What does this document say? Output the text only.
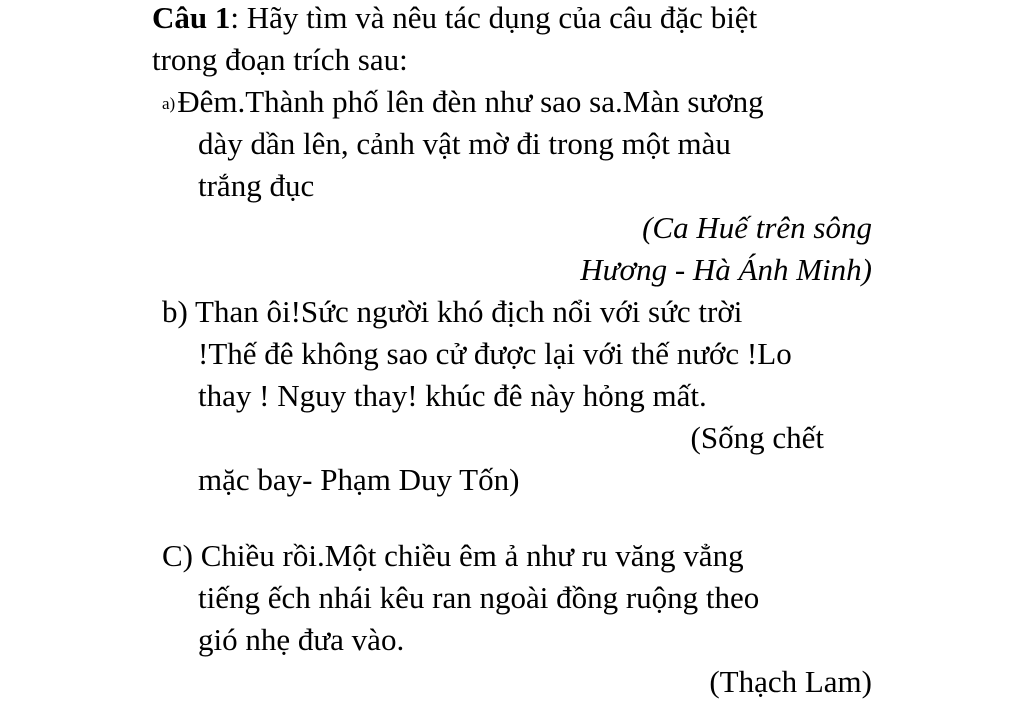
Câu 1: Hãy tìm và nêu tác dụng của câu đặc biệt

trong đoạn trích sau:

a)Đêm.Thành phố lên đèn như sao sa.Màn sương

dày dần lên, cảnh vật mờ đi trong một màu

trắng đục

(Ca Huế trên sông

Hương - Hà Ánh Minh)

b) Than ôi!Sức người khó địch nổi với sức trời

!Thế đê không sao cử được lại với thế nước !Lo

thay ! Nguy thay! khúc đê này hỏng mất.

(Sống chết

mặc bay- Phạm Duy Tốn)

C) Chiều rồi.Một chiều êm ả như ru văng vẳng

tiếng ếch nhái kêu ran ngoài đồng ruộng theo

gió nhẹ đưa vào.

(Thạch Lam)
